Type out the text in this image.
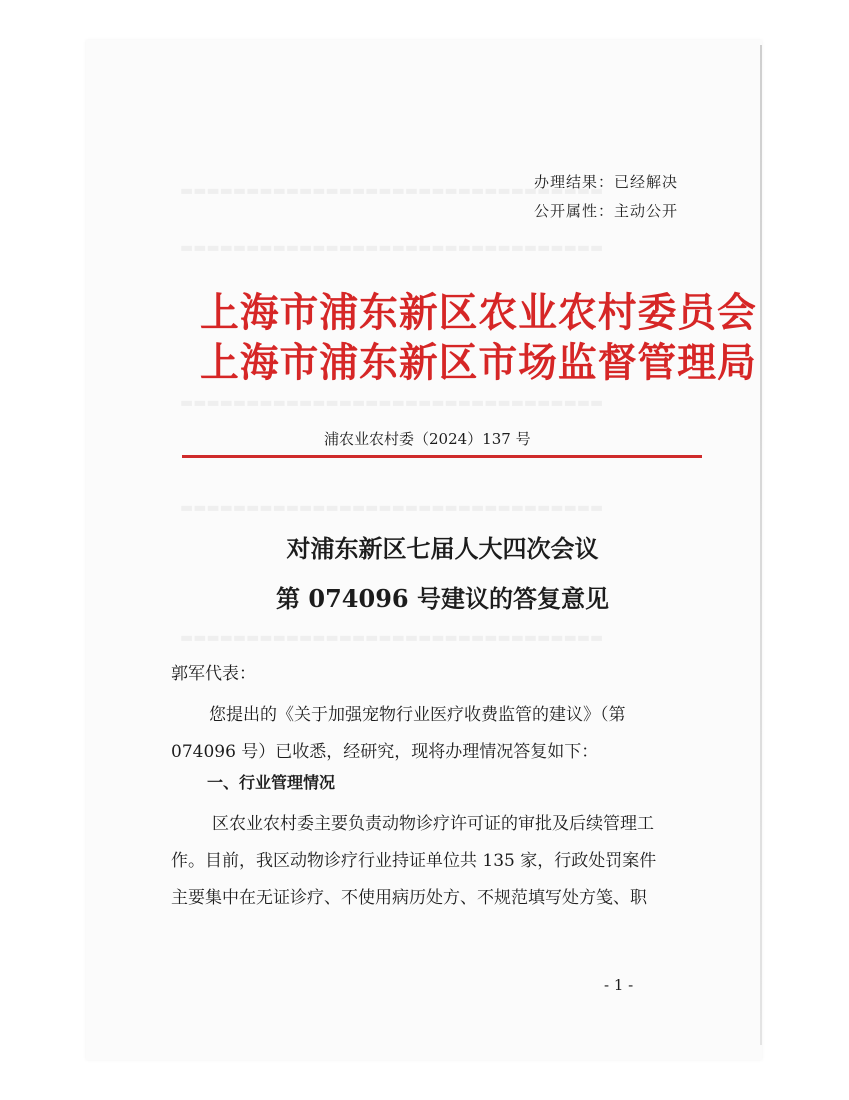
办理结果：已经解决
公开属性：主动公开
上海市浦东新区农业农村委员会
上海市浦东新区市场监督管理局
浦农业农村委（2024）137 号
对浦东新区七届人大四次会议
第 074096 号建议的答复意见
郭军代表：
您提出的《关于加强宠物行业医疗收费监管的建议》（第
074096 号）已收悉，经研究，现将办理情况答复如下：
一、行业管理情况
区农业农村委主要负责动物诊疗许可证的审批及后续管理工
作。目前，我区动物诊疗行业持证单位共 135 家，行政处罚案件
主要集中在无证诊疗、不使用病历处方、不规范填写处方笺、职
- 1 -
